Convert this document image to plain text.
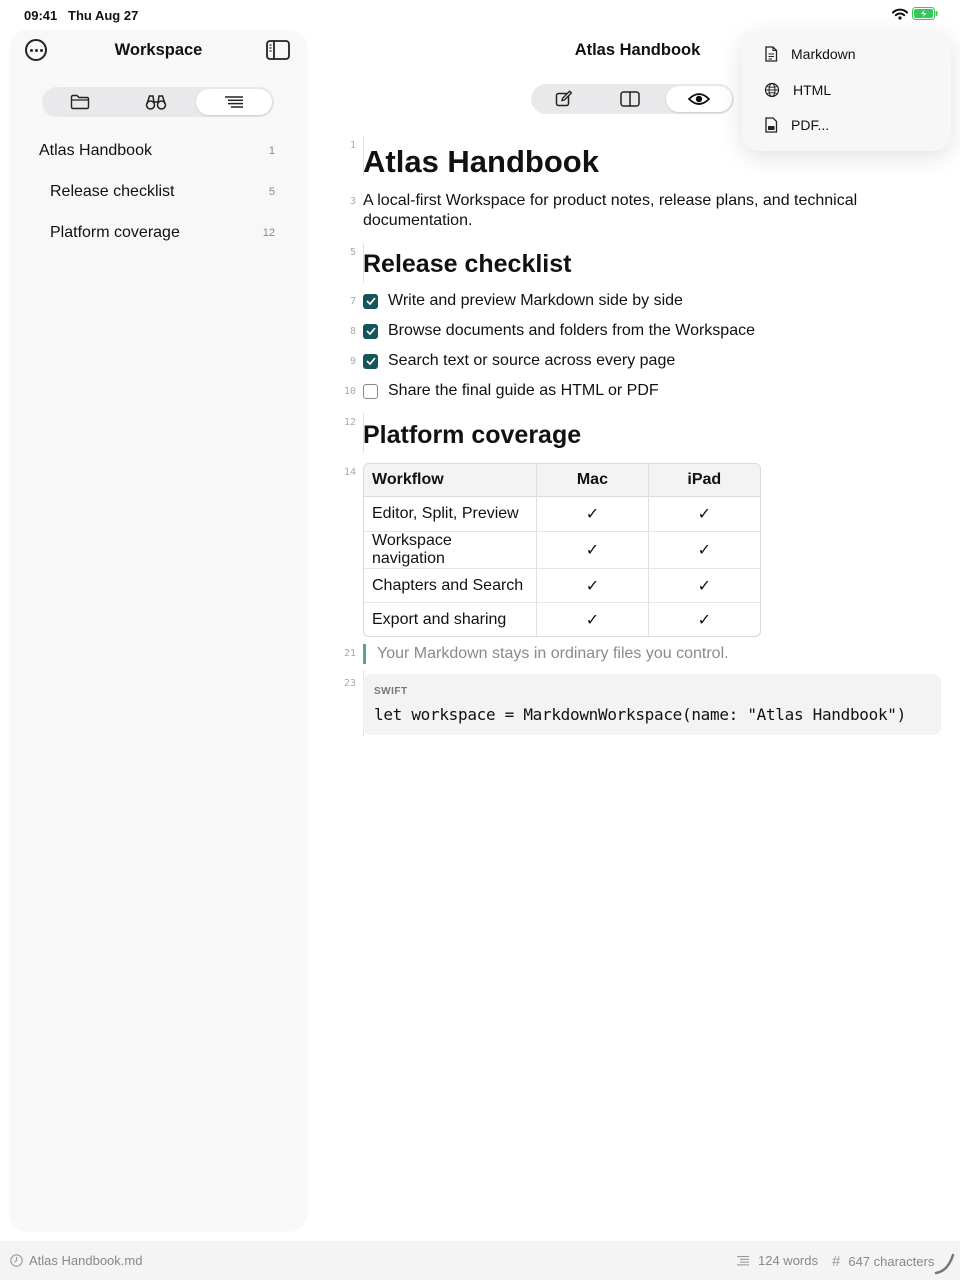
09:41 Thu Aug 27
Workspace
Atlas Handbook	1
Release checklist	5
Platform coverage	12
Atlas Handbook
1
3
5
7
8
9
10
12
14
21
23
Atlas Handbook
A local-first Workspace for product notes, release plans, and technical documentation.
Release checklist
Write and preview Markdown side by side
Browse documents and folders from the Workspace
Search text or source across every page
Share the final guide as HTML or PDF
Platform coverage
Workflow	Mac	iPad
Editor, Split, Preview	✓	✓
Workspace navigation	✓	✓
Chapters and Search	✓	✓
Export and sharing	✓	✓
Your Markdown stays in ordinary files you control.
SWIFT
let workspace = MarkdownWorkspace(name: "Atlas Handbook")
Markdown
HTML
PDF...
Atlas Handbook.md	124 words # 647 characters
